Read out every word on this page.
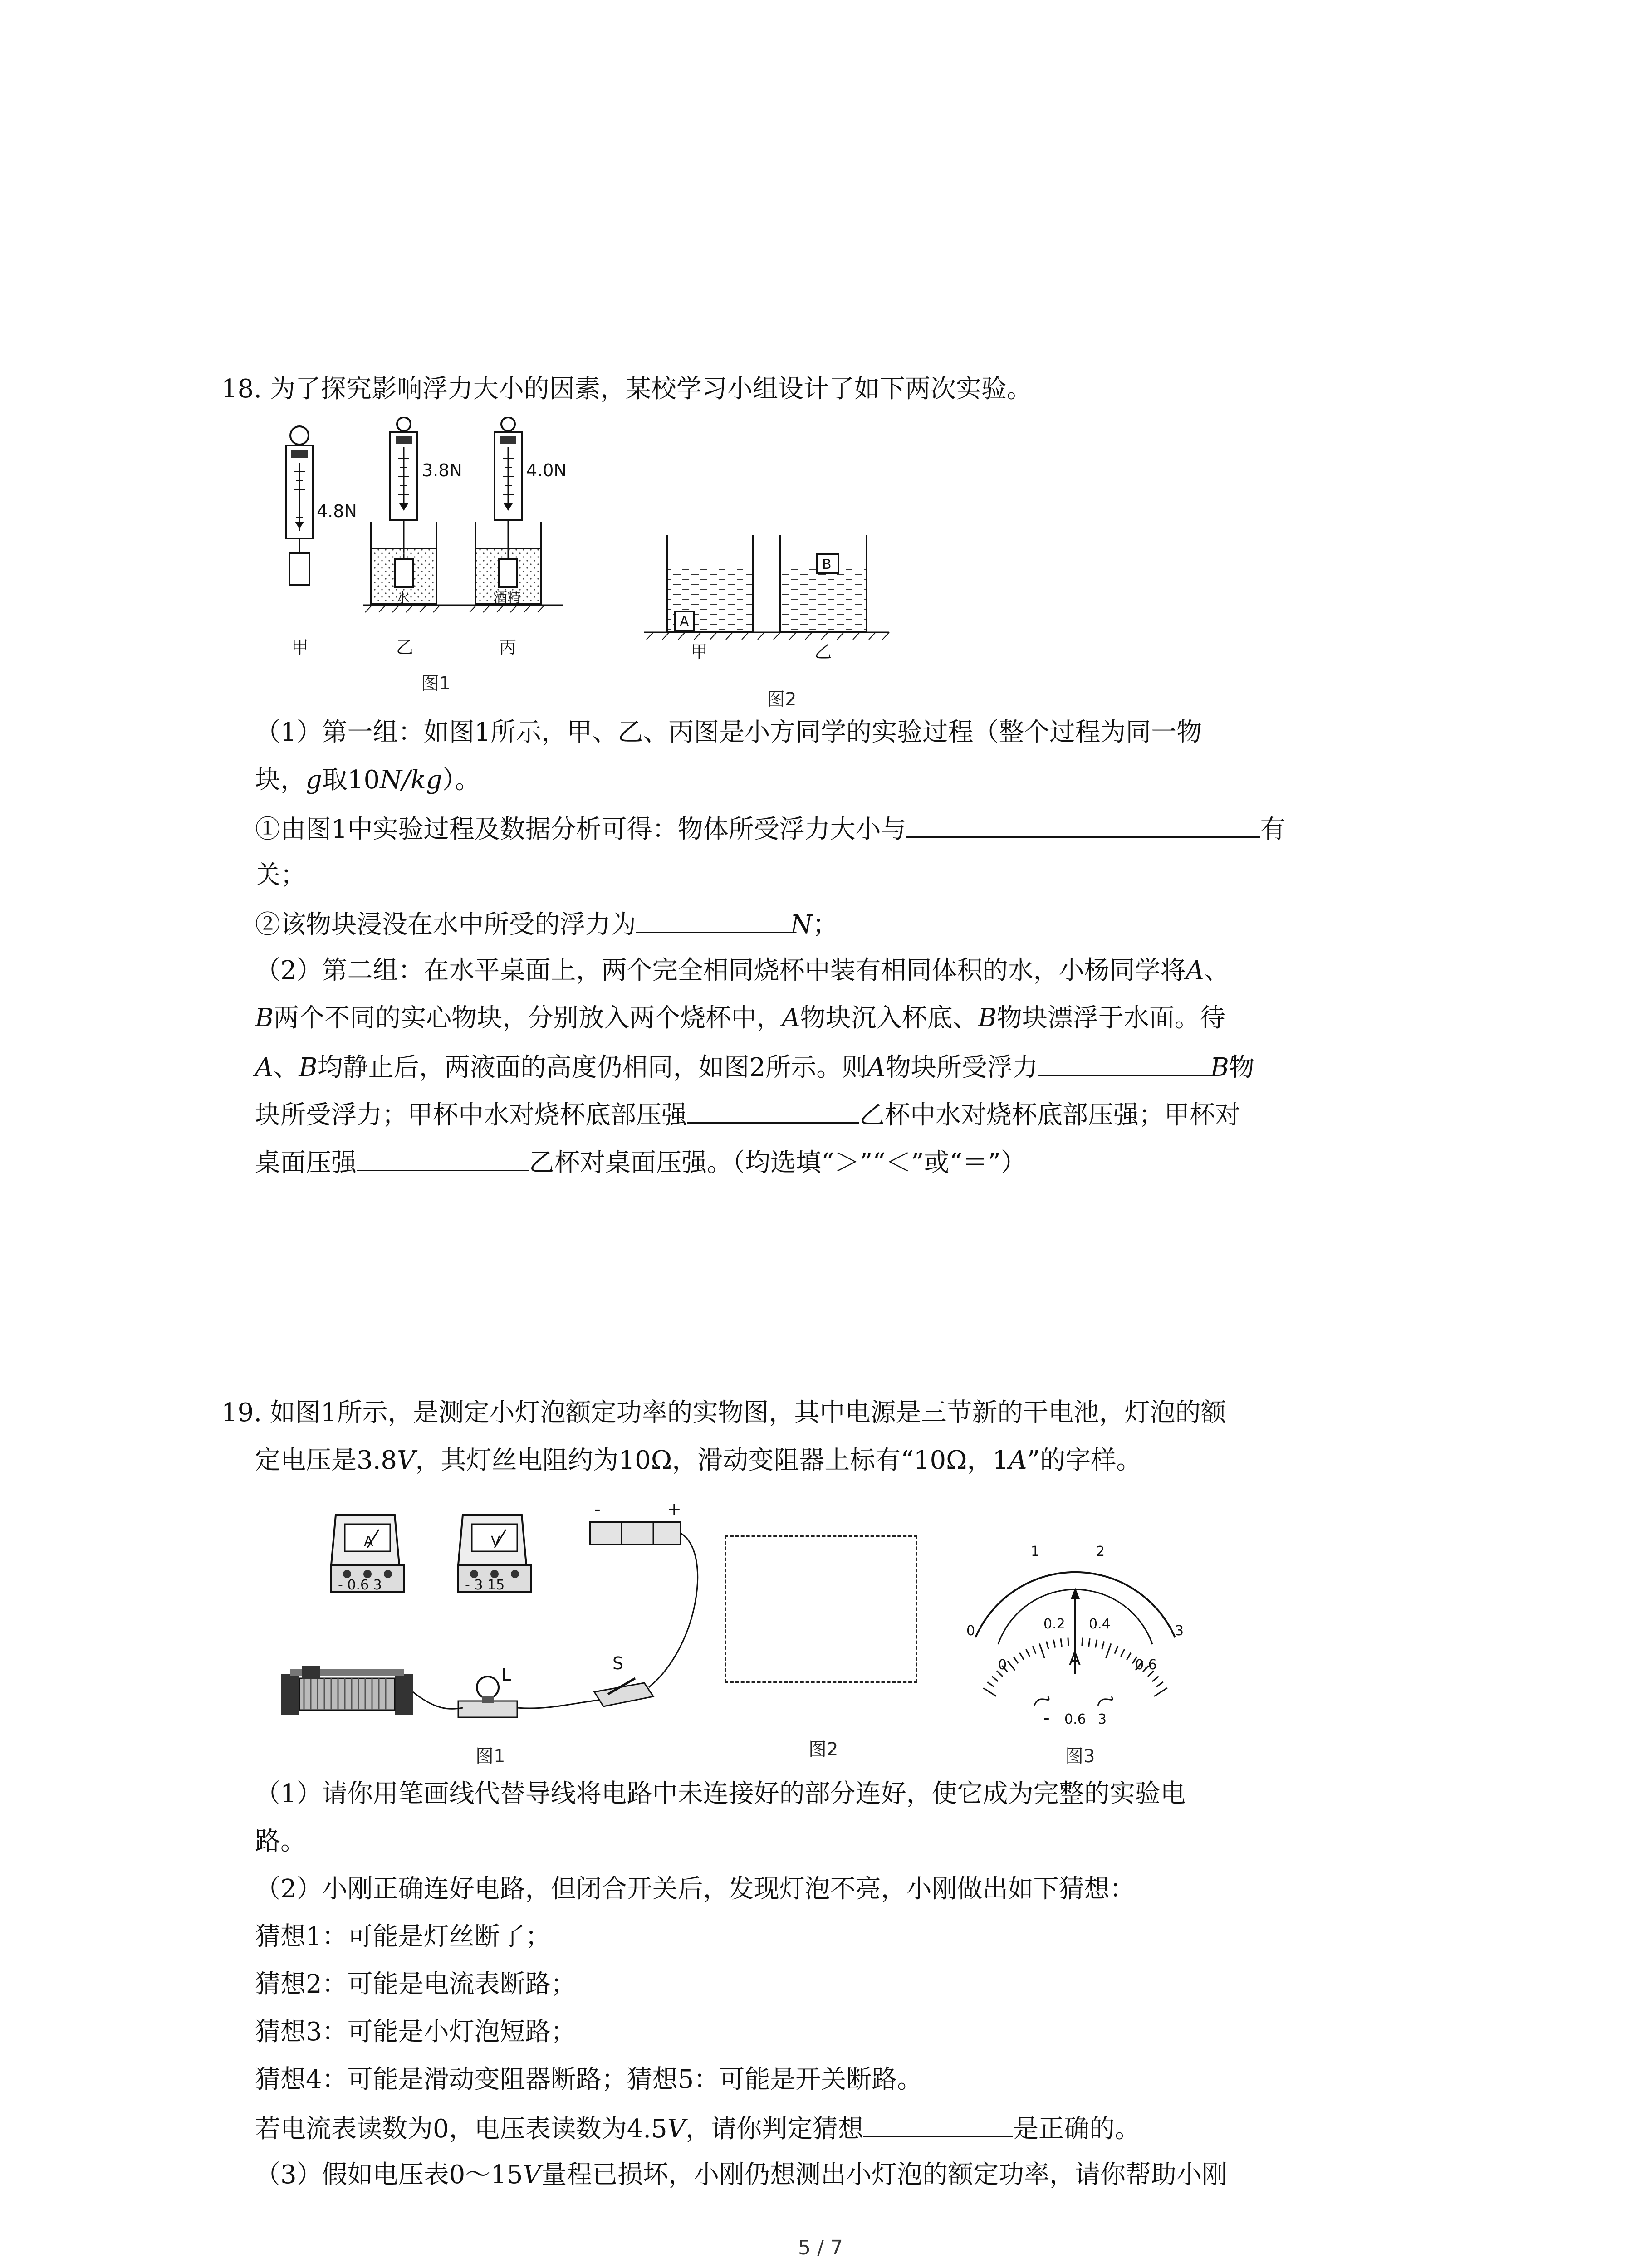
18. 为了探究影响浮力大小的因素，某校学习小组设计了如下两次实验。
4.8N
甲
水
3.8N
乙
酒精
4.0N
丙
图1
A
甲
B
乙
图2
（1）第一组：如图1所示，甲、乙、丙图是小方同学的实验过程（整个过程为同一物
块，g取10N/kg）。
①由图1中实验过程及数据分析可得：物体所受浮力大小与	有
关；
②该物块浸没在水中所受的浮力为	N；
（2）第二组：在水平桌面上，两个完全相同烧杯中装有相同体积的水，小杨同学将A、
B两个不同的实心物块，分别放入两个烧杯中，A物块沉入杯底、B物块漂浮于水面。待
A、B均静止后，两液面的高度仍相同，如图2所示。则A物块所受浮力	B物
块所受浮力；甲杯中水对烧杯底部压强	乙杯中水对烧杯底部压强；甲杯对
桌面压强	乙杯对桌面压强。（均选填“＞”“＜”或“＝”）
19. 如图1所示，是测定小灯泡额定功率的实物图，其中电源是三节新的干电池，灯泡的额
定电压是3.8V，其灯丝电阻约为10Ω，滑动变阻器上标有“10Ω，1A”的字样。
A
- 0.6 3
V
- 3 15
-	+
L
S
图1	图2
0
1	2
3
0
0.2 0.4
0.6
A
- 0.6 3
图3
（1）请你用笔画线代替导线将电路中未连接好的部分连好，使它成为完整的实验电
路。
（2）小刚正确连好电路，但闭合开关后，发现灯泡不亮，小刚做出如下猜想：
猜想1：可能是灯丝断了；
猜想2：可能是电流表断路；
猜想3：可能是小灯泡短路；
猜想4：可能是滑动变阻器断路；猜想5：可能是开关断路。
若电流表读数为0，电压表读数为4.5V，请你判定猜想	是正确的。
（3）假如电压表0～15V量程已损坏，小刚仍想测出小灯泡的额定功率，请你帮助小刚
5 / 7
